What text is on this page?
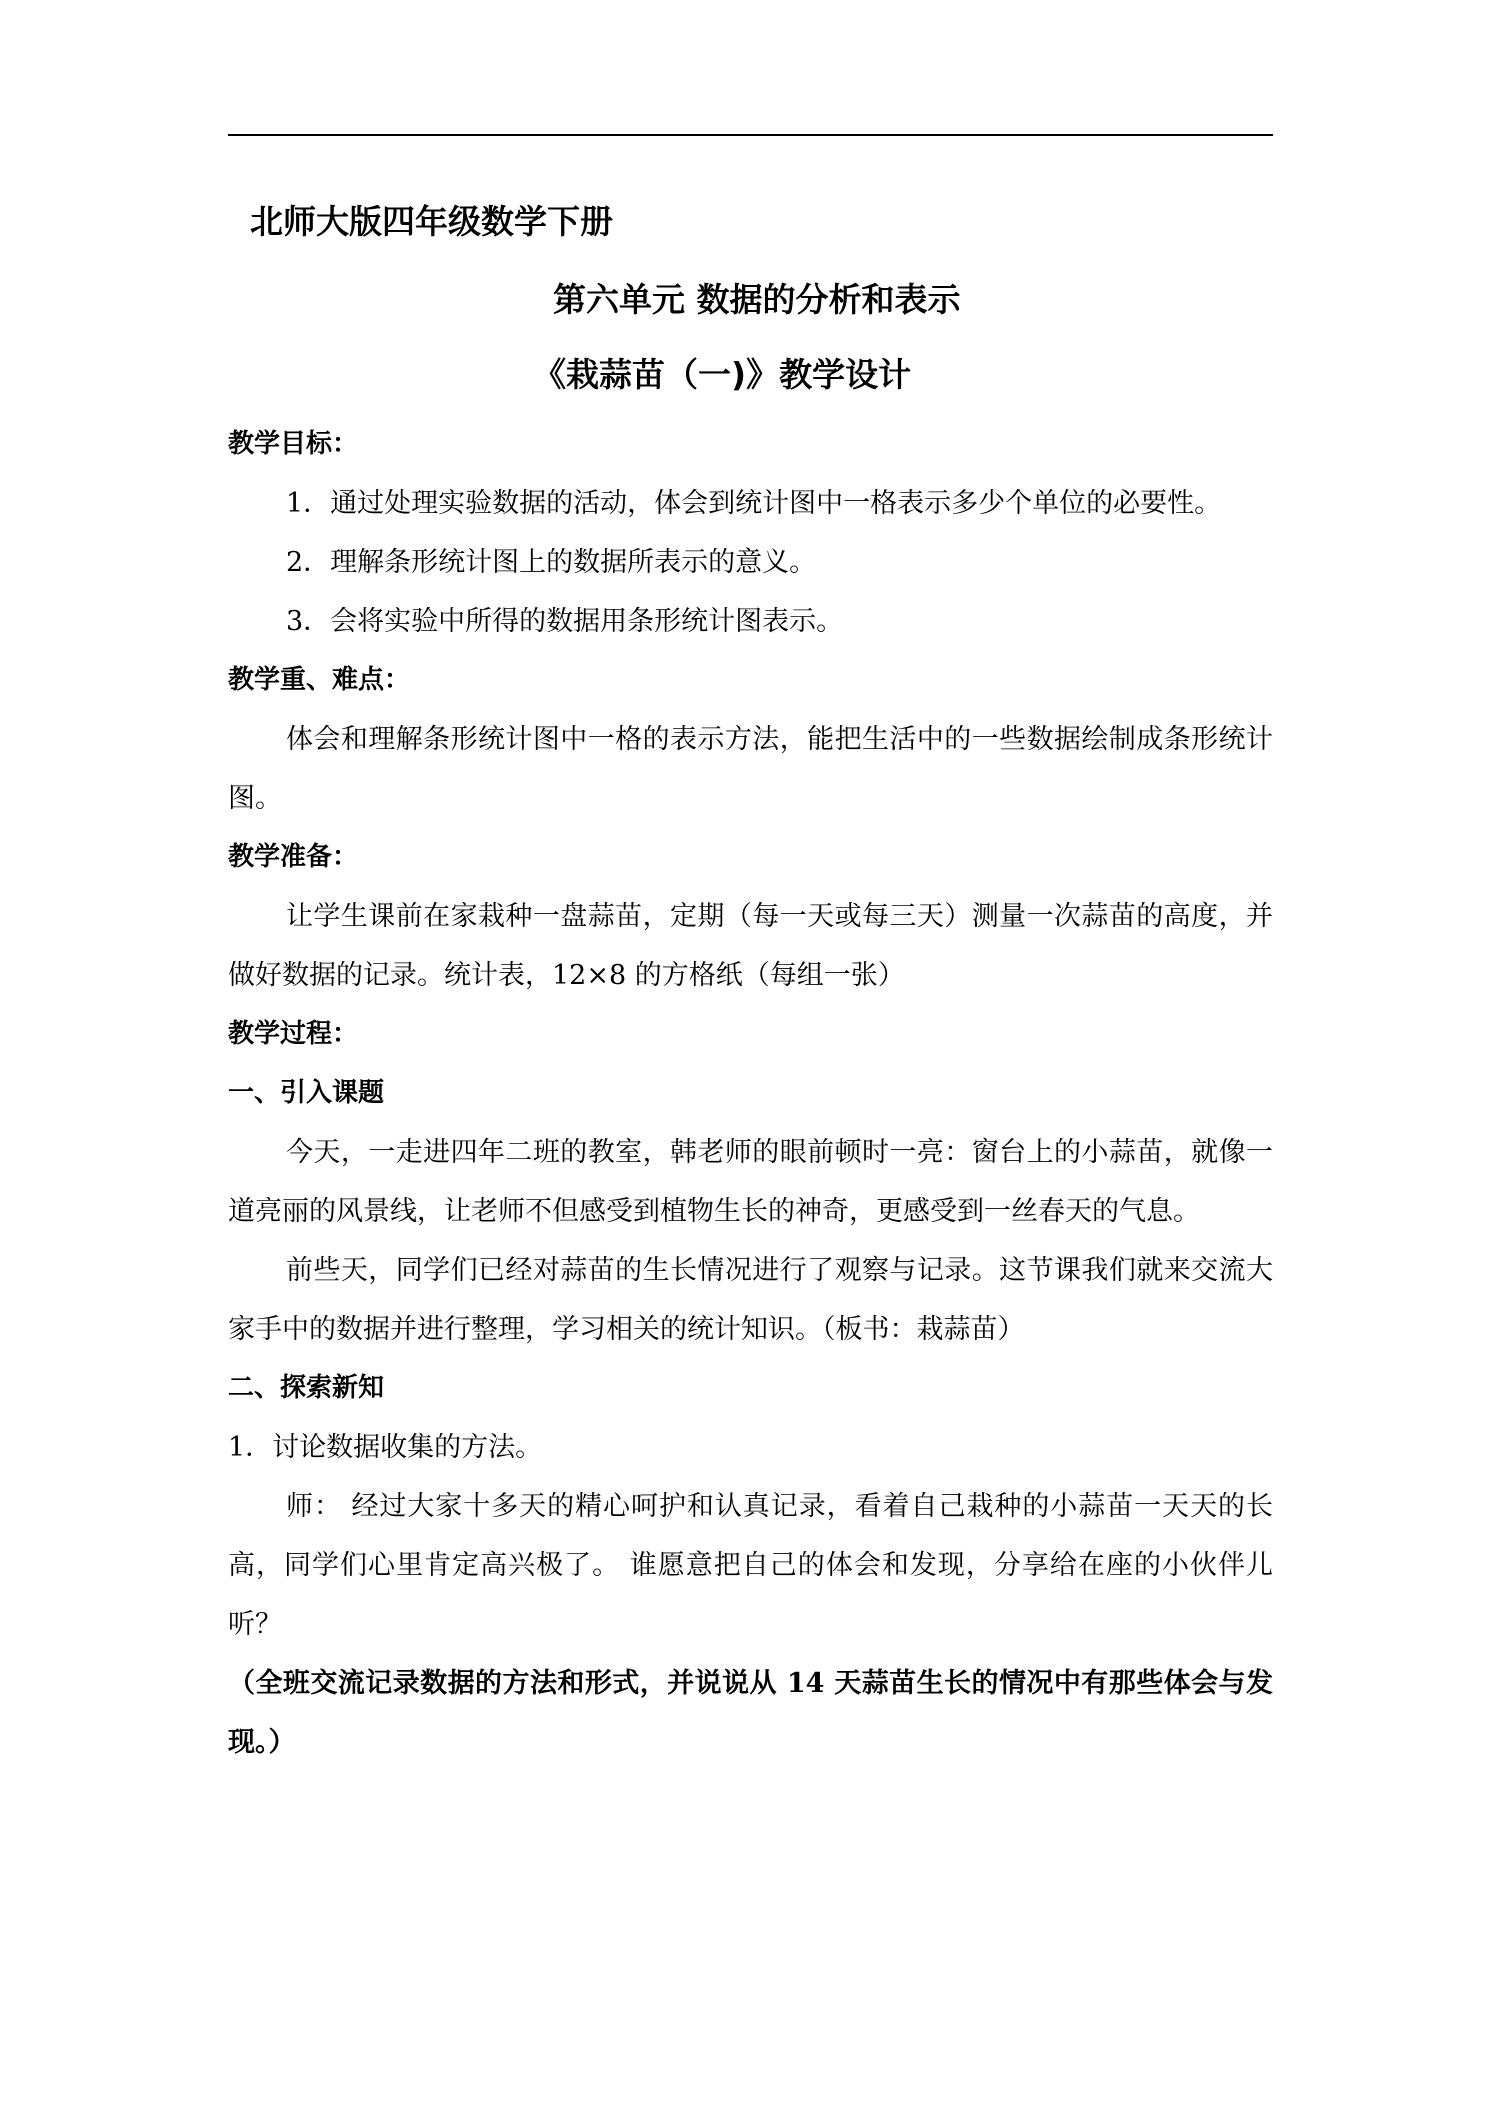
北师大版四年级数学下册
第六单元 数据的分析和表示
《栽蒜苗（一)》教学设计
教学目标：

1．通过处理实验数据的活动，体会到统计图中一格表示多少个单位的必要性。

2．理解条形统计图上的数据所表示的意义。

3．会将实验中所得的数据用条形统计图表示。

教学重、难点：

体会和理解条形统计图中一格的表示方法，能把生活中的一些数据绘制成条形统计图。

教学准备：

让学生课前在家栽种一盘蒜苗，定期（每一天或每三天）测量一次蒜苗的高度，并做好数据的记录。统计表，12×8 的方格纸（每组一张）

教学过程：
一、引入课题

今天，一走进四年二班的教室，韩老师的眼前顿时一亮：窗台上的小蒜苗，就像一道亮丽的风景线，让老师不但感受到植物生长的神奇，更感受到一丝春天的气息。

前些天，同学们已经对蒜苗的生长情况进行了观察与记录。这节课我们就来交流大家手中的数据并进行整理，学习相关的统计知识。（板书：栽蒜苗）

二、探索新知

1．讨论数据收集的方法。

师： 经过大家十多天的精心呵护和认真记录，看着自己栽种的小蒜苗一天天的长高，同学们心里肯定高兴极了。 谁愿意把自己的体会和发现，分享给在座的小伙伴儿听？

（全班交流记录数据的方法和形式，并说说从 14 天蒜苗生长的情况中有那些体会与发现。）
